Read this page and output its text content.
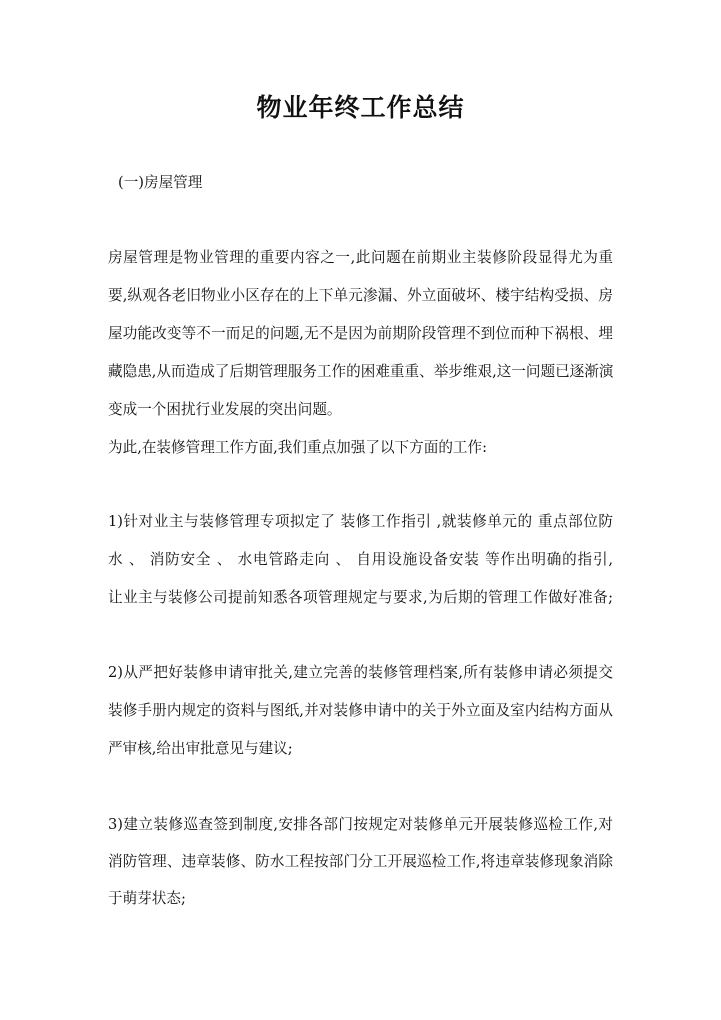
物业年终工作总结
(一)房屋管理
房屋管理是物业管理的重要内容之一,此问题在前期业主装修阶段显得尤为重
要,纵观各老旧物业小区存在的上下单元渗漏、外立面破坏、楼宇结构受损、房
屋功能改变等不一而足的问题,无不是因为前期阶段管理不到位而种下祸根、埋
藏隐患,从而造成了后期管理服务工作的困难重重、举步维艰,这一问题已逐渐演
变成一个困扰行业发展的突出问题。
为此,在装修管理工作方面,我们重点加强了以下方面的工作:
1)针对业主与装修管理专项拟定了 装修工作指引 ,就装修单元的 重点部位防
水 、 消防安全 、 水电管路走向 、 自用设施设备安装 等作出明确的指引,
让业主与装修公司提前知悉各项管理规定与要求,为后期的管理工作做好准备;
2)从严把好装修申请审批关,建立完善的装修管理档案,所有装修申请必须提交
装修手册内规定的资料与图纸,并对装修申请中的关于外立面及室内结构方面从
严审核,给出审批意见与建议;
3)建立装修巡查签到制度,安排各部门按规定对装修单元开展装修巡检工作,对
消防管理、违章装修、防水工程按部门分工开展巡检工作,将违章装修现象消除
于萌芽状态;
